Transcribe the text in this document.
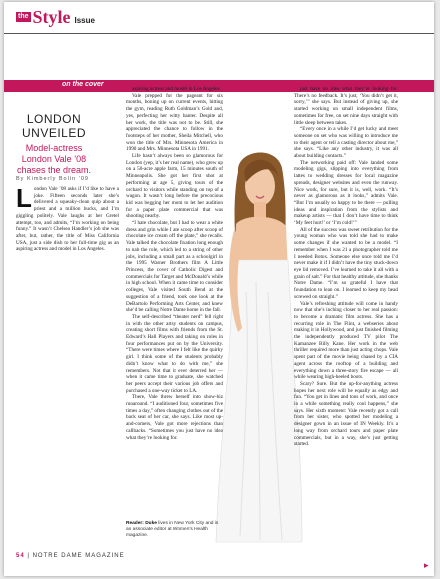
the Style Issue
on the cover
LONDON UNVEILED
Model-actress London Vale ’08 chases the dream.
By Kimberly Bolin ’09
L ondon Vale ’08 asks if I’d like to have a joke. Fifteen seconds later she’s delivered a squeaky-clean quip about a priest and a million bucks, and I’m giggling politely. Vale laughs at her Gretel attempt, too, and admits, “I’m working on being funny.” It wasn’t Chelsea Handler’s job she was after, but, rather, the title of Miss California USA, just a side dish to her full-time gig as an aspiring actress and model in Los Angeles.

aspiring actress and model in Los Angeles.

Vale prepped for the pageant for six months, boning up on current events, hitting the gym, reading Ruth Goldman’s Gold and, yes, perfecting her witty banter. Despite all her work, the title was not to be. Still, she appreciated the chance to follow in the footsteps of her mother, Sheila Mitchell, who won the title of Mrs. Minnesota America in 1990 and Mrs. Minnesota USA in 1991.

Life hasn’t always been so glamorous for London (yep, it’s her real name), who grew up on a 50-acre apple farm, 15 minutes south of Minneapolis. She got her first shot at performing at age 5, giving tours of the orchard to visitors while standing on top of a wagon. It wasn’t long before the precocious kid was begging her mom to let her audition for a paper plate commercial that was shooting nearby.

“I hate chocolate, but I had to wear a white dress and grin while I ate scoop after scoop of chocolate ice cream off the plate,” she recalls. Vale talked the chocolate fixation long enough to nab the role, which led to a string of other jobs, including a small part as a schoolgirl in the 1995 Warner Brothers film A Little Princess, the cover of Catholic Digest and commercials for Target and McDonald’s while in high school. When it came time to consider colleges, Vale visited South Bend at the suggestion of a friend, took one look at the DeBartolo Performing Arts Center, and knew she’d be calling Notre Dame home in the fall.

The self-described “theater nerd” fell right in with the other artsy students on campus, creating short films with friends from the St. Edward’s Hall Players and taking on roles in four performances put on by the University. “There were times where I felt like the quirky girl. I think some of the students probably didn’t know what to do with me,” she remembers. Not that it ever deterred her — when it came time to graduate, she watched her peers accept their various job offers and purchased a one-way ticket to LA.

There, Vale threw herself into show-biz runaround. “I auditioned four, sometimes five times a day,” often changing clothes out of the back seat of her car, she says. Like most up-and-comers, Vale got more rejections than callbacks. “Sometimes you just have no idea what they’re looking for.

just have no idea what they’re looking for. There’s no feedback. It’s just, ‘You didn’t get it, sorry,’” she says. But instead of giving up, she started working on small independent films, sometimes for free, on set nine days straight with little sleep between takes.

“Every once in a while I’d get lucky and meet someone on set who was willing to introduce me to their agent or tell a casting director about me,” she says. “Like any other industry, it was all about building contacts.”

The networking paid off: Vale landed some modeling gigs, slipping into everything from lattes to wedding dresses for local magazine spreads, designer websites and even the runway. Nice work, for sure, but it is, well, work. “It’s never as glamorous as it looks,” admits Vale. “But I’m usually so happy to be there — pulling ideas and inspiration from the stylists and makeup artists — that I don’t have time to think ‘My feet hurt!’ or ‘I’m cold!’”

All of the success was sweet retribution for the young woman who was told she had to make some changes if she wanted to be a model. “I remember when I was 21 a photographer told me I needed Botox. Someone else once told me I’d never make it if I didn’t have the tiny stuck-down eye lid removed. I’ve learned to take it all with a grain of salt.” For that healthy attitude, she thanks Notre Dame. “I’m so grateful I have that foundation to lean on. I learned to keep my head screwed on straight.”

Vale’s refreshing attitude will come in handy now that she’s inching closer to her real passion: to become a dramatic film actress. She has a recurring role in The Flint, a webseries about making it in Hollywood, and just finished filming the independently produced TV pilot The Kamanzee Billy Kane. Her work in the web thriller required more than just acting chops. Vale spent part of the movie being chased by a CIA agent across the rooftop of a building and everything down a three-story fire escape — all while wearing high-heeled boots.

Scary? Sure. But the up-for-anything actress hopes her next role will be equally as edgy and fun. “You get in lines and tons of work, and once in a while something really cool happens,” she says. Her sixth moment: Vale recently got a call from her sister, who spotted her modeling a designer gown in an issue of IN Weekly. It’s a long way from orchard tours and paper plate commercials, but in a way, she’s just getting started.

Reader: Duke lives in New York City and is an associate editor at Women’s Health magazine.
54 | NOTRE DAME MAGAZINE
▸
